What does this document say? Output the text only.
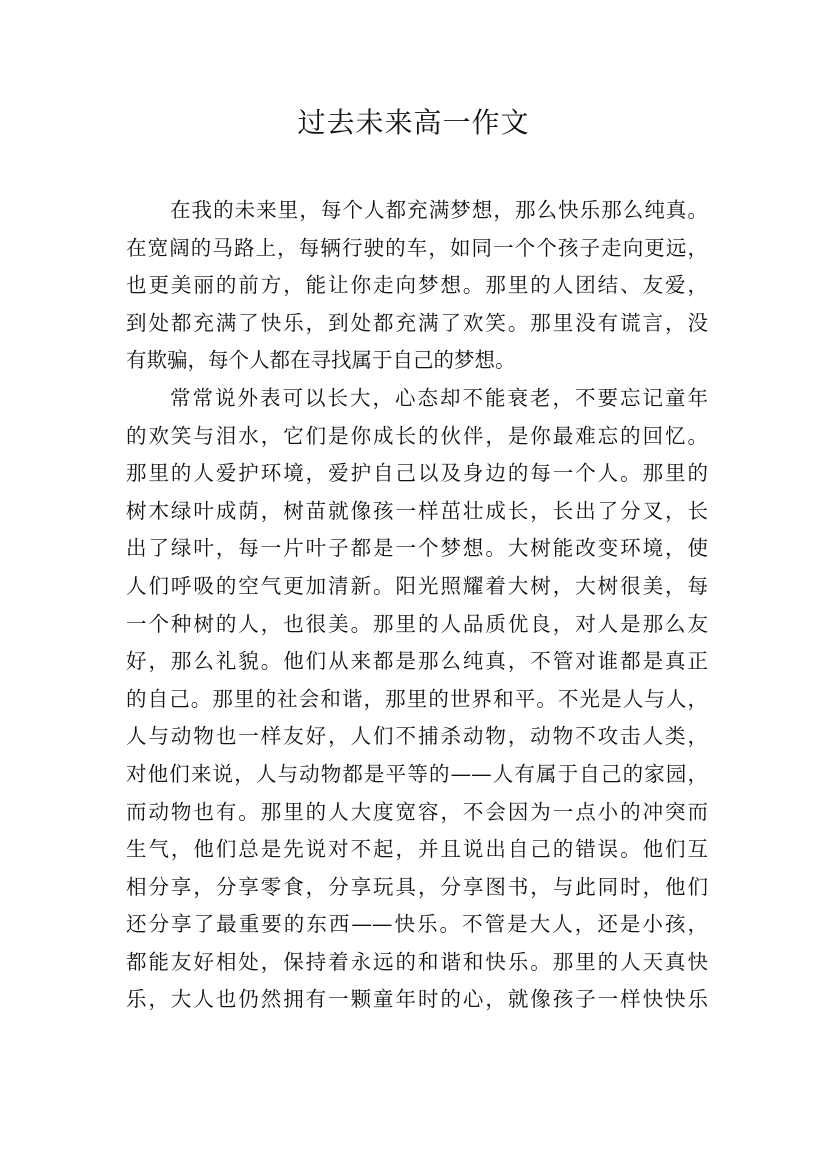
过去未来高一作文
在我的未来里，每个人都充满梦想，那么快乐那么纯真。
在宽阔的马路上，每辆行驶的车，如同一个个孩子走向更远，
也更美丽的前方，能让你走向梦想。那里的人团结、友爱，
到处都充满了快乐，到处都充满了欢笑。那里没有谎言，没
有欺骗，每个人都在寻找属于自己的梦想。
常常说外表可以长大，心态却不能衰老，不要忘记童年
的欢笑与泪水，它们是你成长的伙伴，是你最难忘的回忆。
那里的人爱护环境，爱护自己以及身边的每一个人。那里的
树木绿叶成荫，树苗就像孩一样茁壮成长，长出了分叉，长
出了绿叶，每一片叶子都是一个梦想。大树能改变环境，使
人们呼吸的空气更加清新。阳光照耀着大树，大树很美，每
一个种树的人，也很美。那里的人品质优良，对人是那么友
好，那么礼貌。他们从来都是那么纯真，不管对谁都是真正
的自己。那里的社会和谐，那里的世界和平。不光是人与人，
人与动物也一样友好，人们不捕杀动物，动物不攻击人类，
对他们来说，人与动物都是平等的——人有属于自己的家园，
而动物也有。那里的人大度宽容，不会因为一点小的冲突而
生气，他们总是先说对不起，并且说出自己的错误。他们互
相分享，分享零食，分享玩具，分享图书，与此同时，他们
还分享了最重要的东西——快乐。不管是大人，还是小孩，
都能友好相处，保持着永远的和谐和快乐。那里的人天真快
乐，大人也仍然拥有一颗童年时的心，就像孩子一样快快乐
